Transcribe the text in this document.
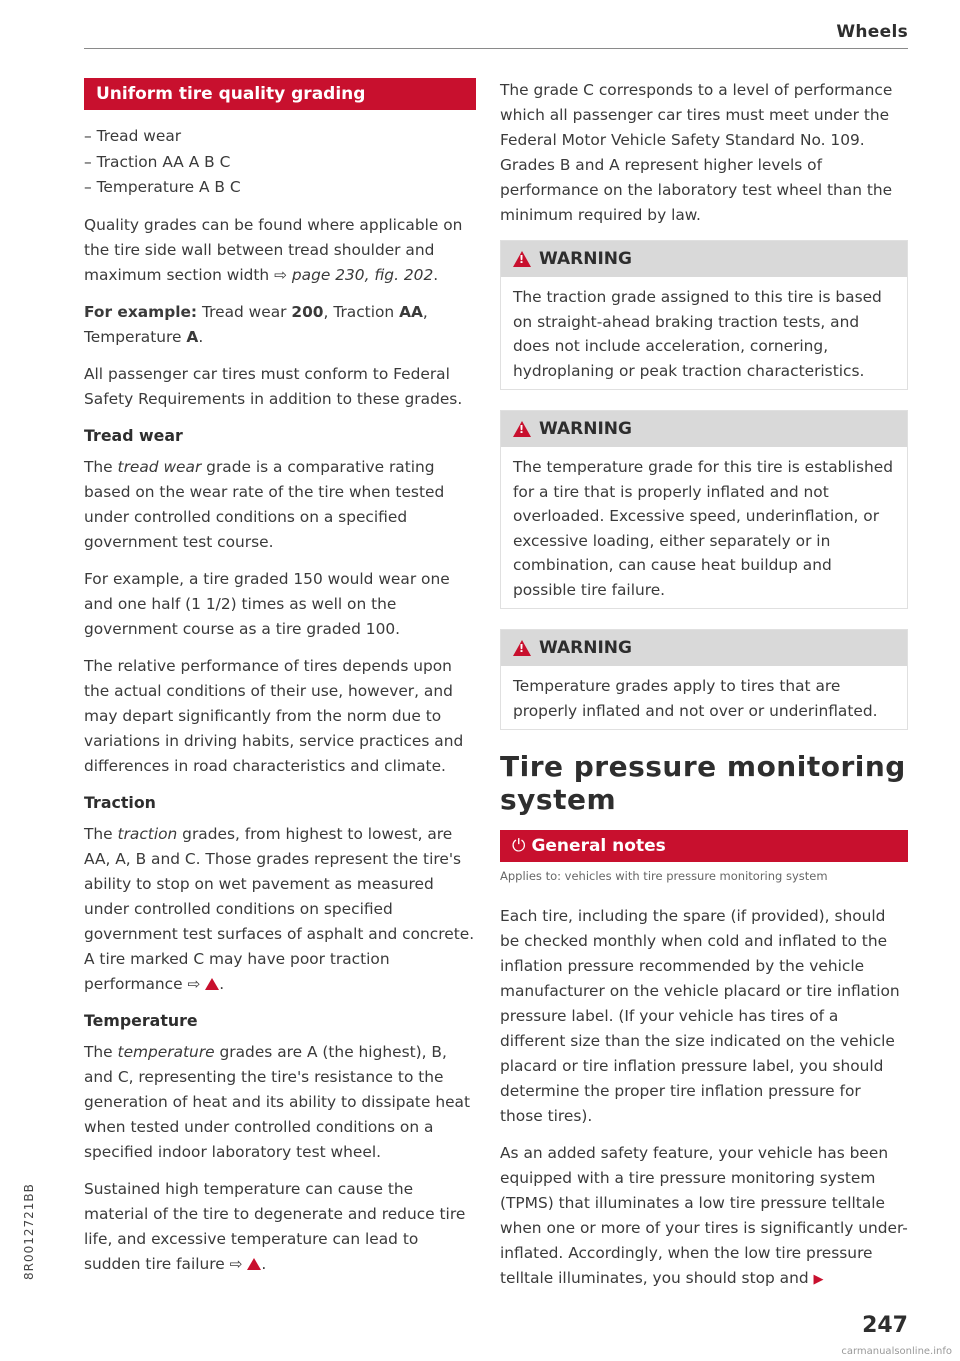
Wheels
Uniform tire quality grading
– Tread wear
– Traction AA A B C
– Temperature A B C

Quality grades can be found where applicable on the tire side wall between tread shoulder and maximum section width ⇨ page 230, fig. 202.

For example: Tread wear 200, Traction AA, Temperature A.

All passenger car tires must conform to Federal Safety Requirements in addition to these grades.

Tread wear

The tread wear grade is a comparative rating based on the wear rate of the tire when tested under controlled conditions on a specified government test course.

For example, a tire graded 150 would wear one and one half (1 1/2) times as well on the government course as a tire graded 100.

The relative performance of tires depends upon the actual conditions of their use, however, and may depart significantly from the norm due to variations in driving habits, service practices and differences in road characteristics and climate.

Traction

The traction grades, from highest to lowest, are AA, A, B and C. Those grades represent the tire's ability to stop on wet pavement as measured under controlled conditions on specified government test surfaces of asphalt and concrete. A tire marked C may have poor traction performance ⇨ .

Temperature

The temperature grades are A (the highest), B, and C, representing the tire's resistance to the generation of heat and its ability to dissipate heat when tested under controlled conditions on a specified indoor laboratory test wheel.

Sustained high temperature can cause the material of the tire to degenerate and reduce tire life, and excessive temperature can lead to sudden tire failure ⇨ .

The grade C corresponds to a level of performance which all passenger car tires must meet under the Federal Motor Vehicle Safety Standard No. 109. Grades B and A represent higher levels of performance on the laboratory test wheel than the minimum required by law.

!
WARNING

The traction grade assigned to this tire is based on straight-ahead braking traction tests, and does not include acceleration, cornering, hydroplaning or peak traction characteristics.

!
WARNING

The temperature grade for this tire is established for a tire that is properly inflated and not overloaded. Excessive speed, underinflation, or excessive loading, either separately or in combination, can cause heat buildup and possible tire failure.

!
WARNING

Temperature grades apply to tires that are properly inflated and not over or underinflated.

Tire pressure monitoring system
⏻ General notes
Applies to: vehicles with tire pressure monitoring system

Each tire, including the spare (if provided), should be checked monthly when cold and inflated to the inflation pressure recommended by the vehicle manufacturer on the vehicle placard or tire inflation pressure label. (If your vehicle has tires of a different size than the size indicated on the vehicle placard or tire inflation pressure label, you should determine the proper tire inflation pressure for those tires).

As an added safety feature, your vehicle has been equipped with a tire pressure monitoring system (TPMS) that illuminates a low tire pressure telltale when one or more of your tires is significantly under-inflated. Accordingly, when the low tire pressure telltale illuminates, you should stop and ▶

247
8R0012721BB
carmanualsonline.info
